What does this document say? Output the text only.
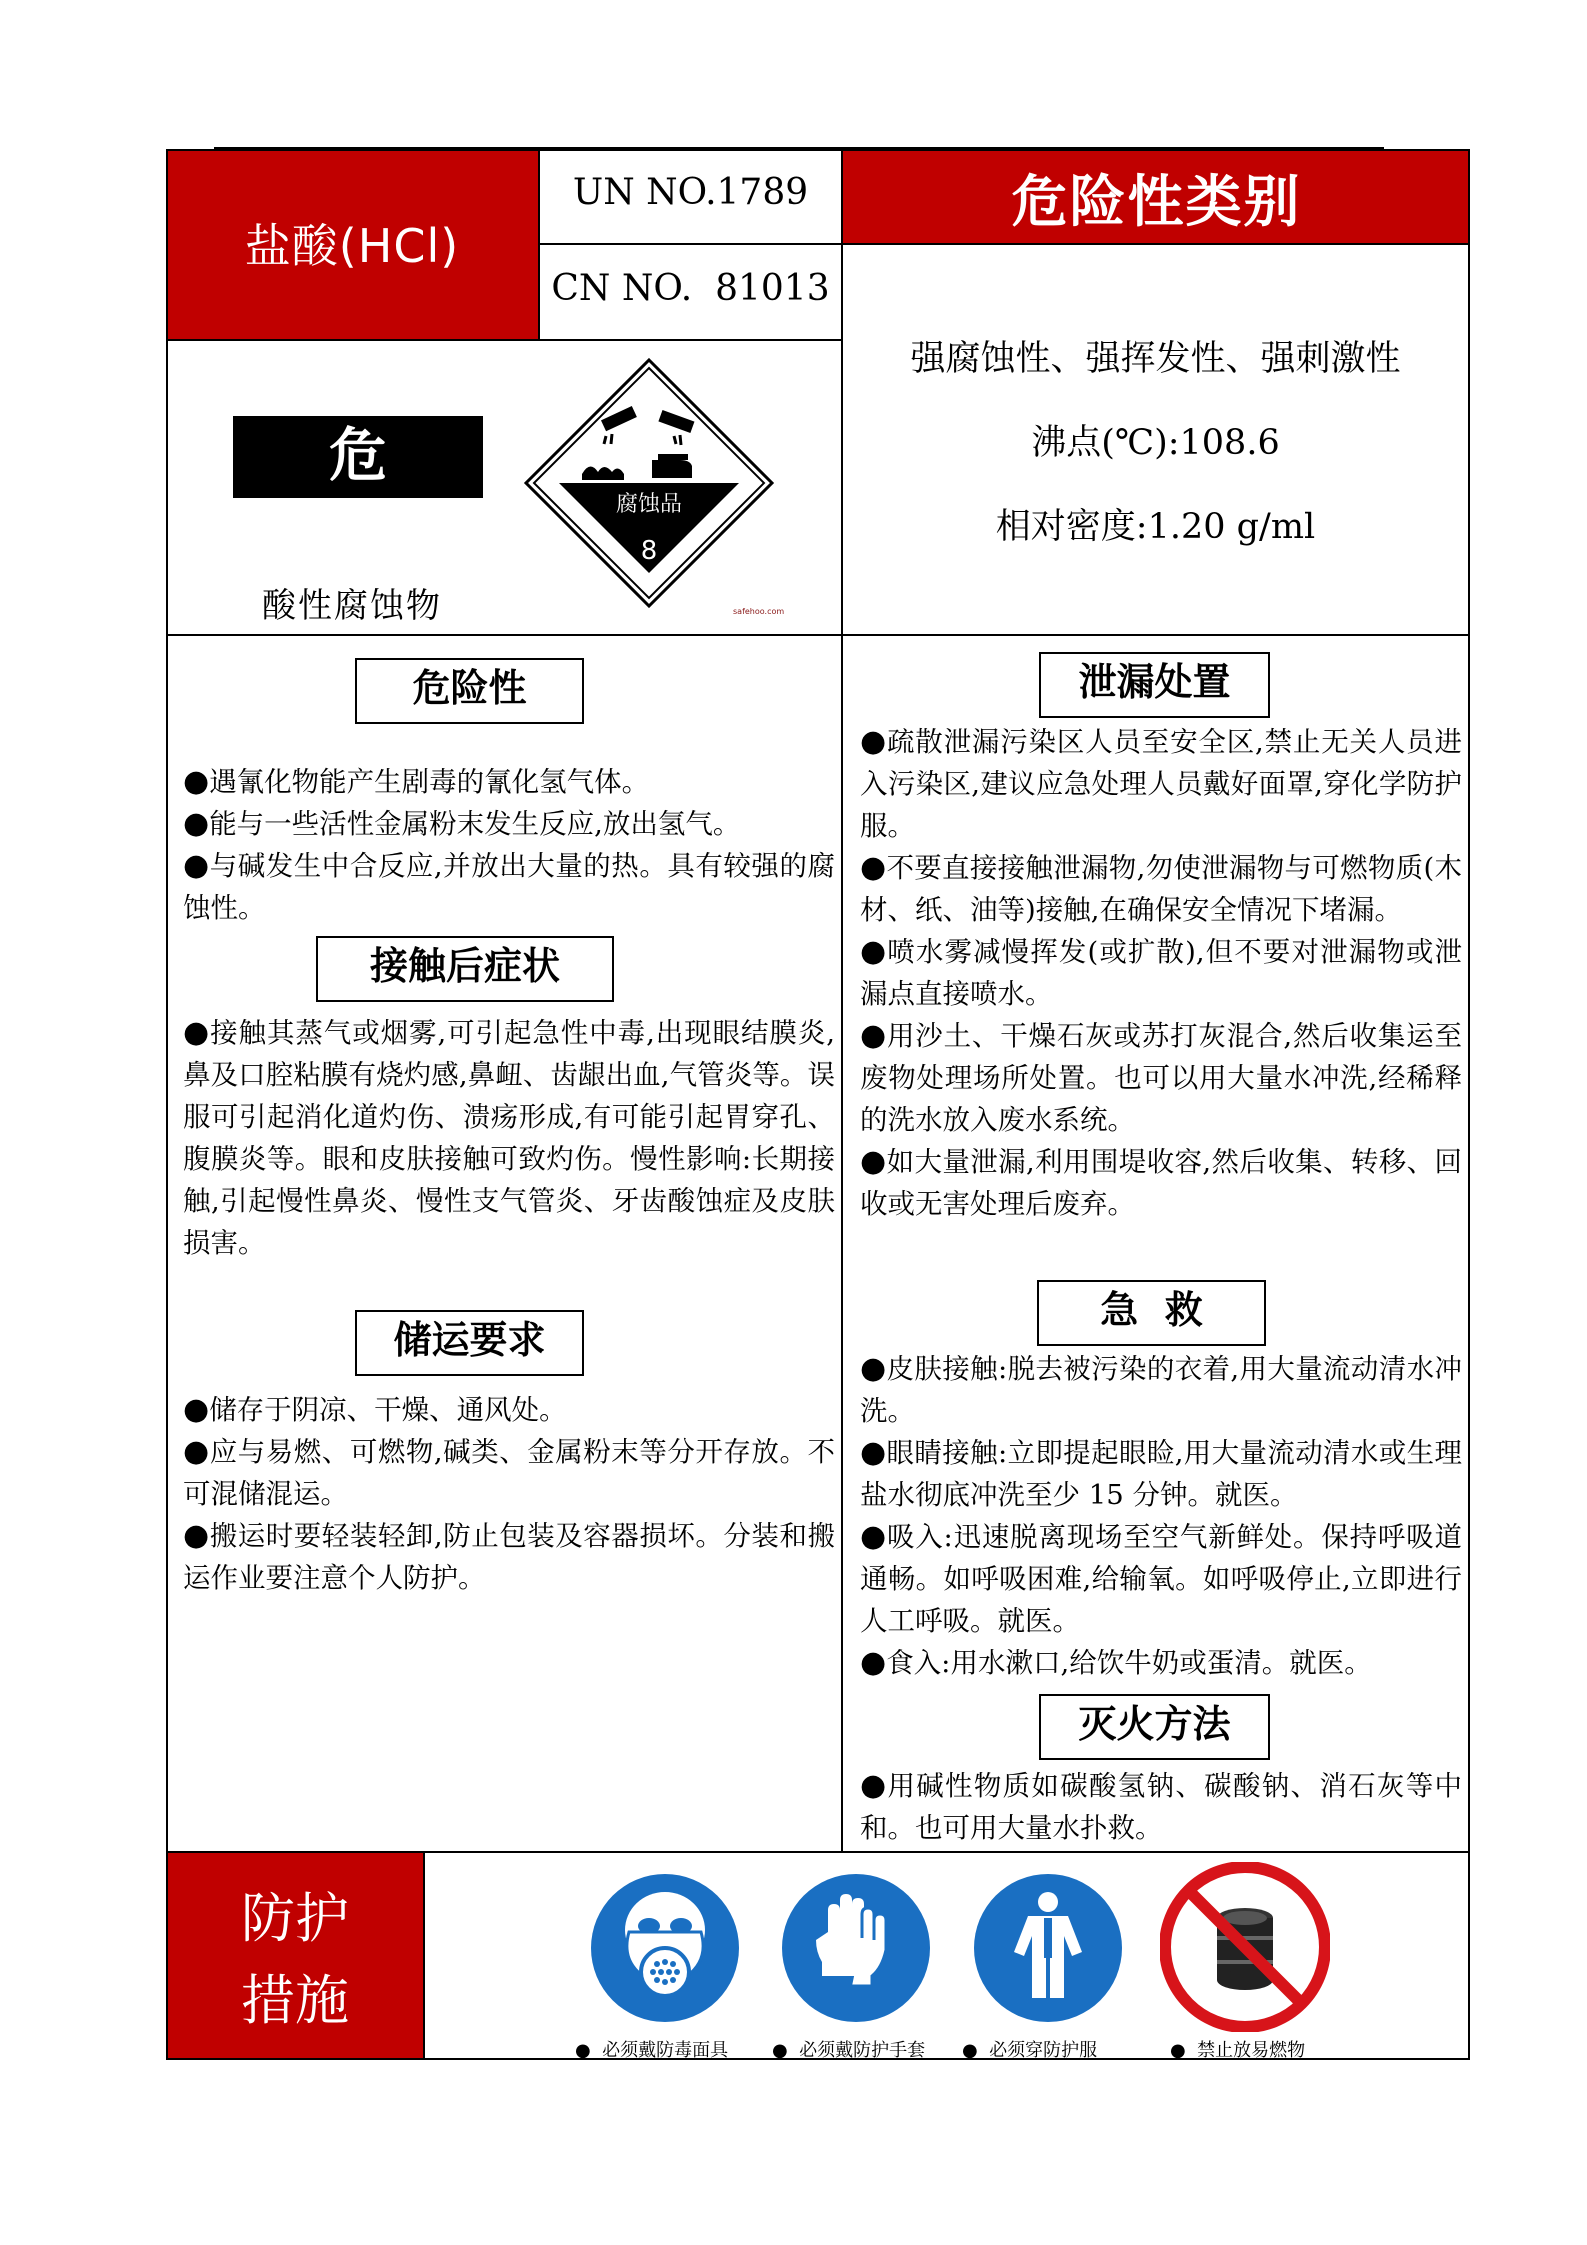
盐酸(HCl)
UN NO.1789
CN NO.  81013
危险性类别
强腐蚀性、强挥发性、强刺激性
沸点(℃):108.6
相对密度:1.20 g/ml
危险	腐蚀品
8
safehoo.com
酸性腐蚀物
危险性
●遇氰化物能产生剧毒的氰化氢气体。
●能与一些活性金属粉末发生反应,放出氢气。
●与碱发生中合反应,并放出大量的热。具有较强的腐蚀性。
接触后症状
●接触其蒸气或烟雾,可引起急性中毒,出现眼结膜炎,鼻及口腔粘膜有烧灼感,鼻衄、齿龈出血,气管炎等。误服可引起消化道灼伤、溃疡形成,有可能引起胃穿孔、腹膜炎等。眼和皮肤接触可致灼伤。慢性影响:长期接触,引起慢性鼻炎、慢性支气管炎、牙齿酸蚀症及皮肤损害。
储运要求
●储存于阴凉、干燥、通风处。
●应与易燃、可燃物,碱类、金属粉末等分开存放。不可混储混运。
●搬运时要轻装轻卸,防止包装及容器损坏。分装和搬运作业要注意个人防护。
泄漏处置
●疏散泄漏污染区人员至安全区,禁止无关人员进入污染区,建议应急处理人员戴好面罩,穿化学防护服。
●不要直接接触泄漏物,勿使泄漏物与可燃物质(木材、纸、油等)接触,在确保安全情况下堵漏。
●喷水雾减慢挥发(或扩散),但不要对泄漏物或泄漏点直接喷水。
●用沙土、干燥石灰或苏打灰混合,然后收集运至废物处理场所处置。也可以用大量水冲洗,经稀释的洗水放入废水系统。
●如大量泄漏,利用围堤收容,然后收集、转移、回收或无害处理后废弃。
急  救
●皮肤接触:脱去被污染的衣着,用大量流动清水冲洗。
●眼睛接触:立即提起眼睑,用大量流动清水或生理盐水彻底冲洗至少 15 分钟。就医。
●吸入:迅速脱离现场至空气新鲜处。保持呼吸道通畅。如呼吸困难,给输氧。如呼吸停止,立即进行人工呼吸。就医。
●食入:用水漱口,给饮牛奶或蛋清。就医。
灭火方法
●用碱性物质如碳酸氢钠、碳酸钠、消石灰等中和。也可用大量水扑救。
防护
措施
● 必须戴防毒面具 ● 必须戴防护手套 ● 必须穿防护服	● 禁止放易燃物
